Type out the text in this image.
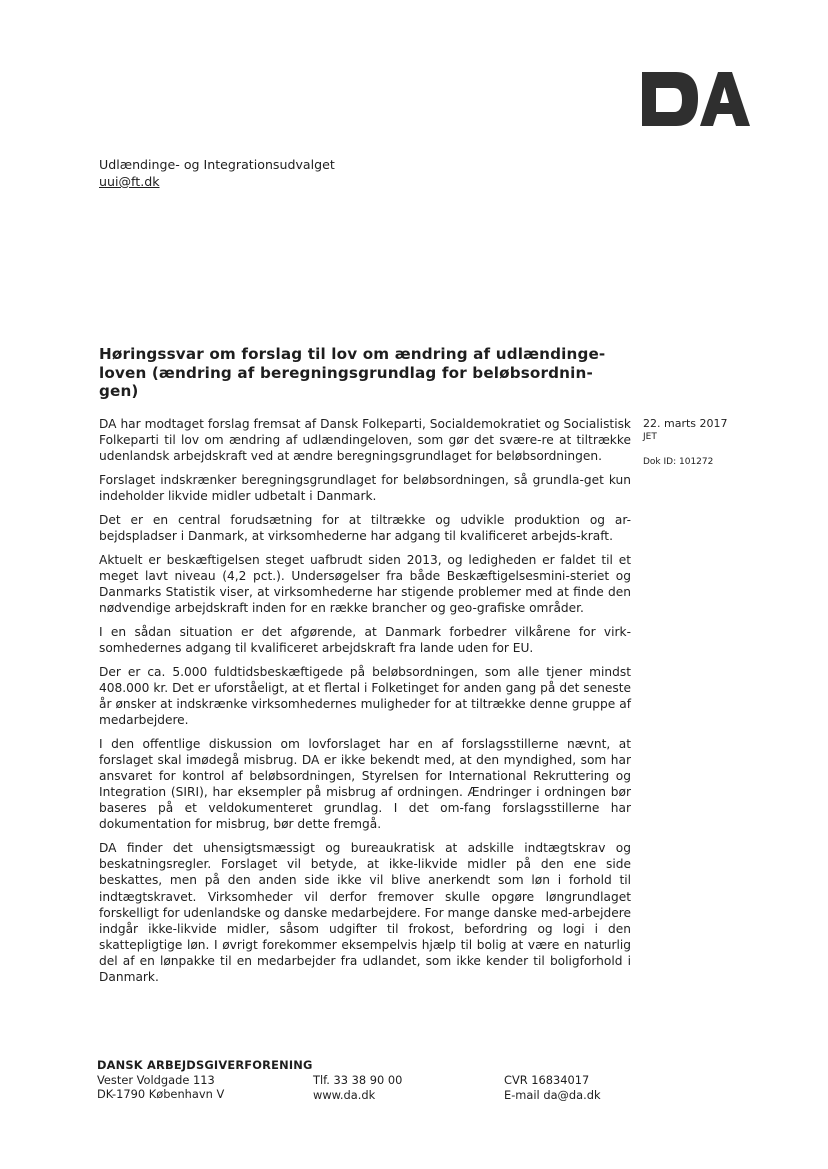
Udlændinge- og Integrationsudvalget
uui@ft.dk
Høringssvar om forslag til lov om ændring af udlændinge-
loven (ændring af beregningsgrundlag for beløbsordnin-
gen)
22. marts 2017
JET
Dok ID: 101272

DA har modtaget forslag fremsat af Dansk Folkeparti, Socialdemokratiet og Socialistisk Folkeparti til lov om ændring af udlændingeloven, som gør det svære-re at tiltrække udenlandsk arbejdskraft ved at ændre beregningsgrundlaget for beløbsordningen.

Forslaget indskrænker beregningsgrundlaget for beløbsordningen, så grundla-get kun indeholder likvide midler udbetalt i Danmark.

Det er en central forudsætning for at tiltrække og udvikle produktion og ar-bejdspladser i Danmark, at virksomhederne har adgang til kvalificeret arbejds-kraft.

Aktuelt er beskæftigelsen steget uafbrudt siden 2013, og ledigheden er faldet til et meget lavt niveau (4,2 pct.). Undersøgelser fra både Beskæftigelsesmini-steriet og Danmarks Statistik viser, at virksomhederne har stigende problemer med at finde den nødvendige arbejdskraft inden for en række brancher og geo-grafiske områder.

I en sådan situation er det afgørende, at Danmark forbedrer vilkårene for virk-somhedernes adgang til kvalificeret arbejdskraft fra lande uden for EU.

Der er ca. 5.000 fuldtidsbeskæftigede på beløbsordningen, som alle tjener mindst 408.000 kr. Det er uforståeligt, at et flertal i Folketinget for anden gang på det seneste år ønsker at indskrænke virksomhedernes muligheder for at tiltrække denne gruppe af medarbejdere.

I den offentlige diskussion om lovforslaget har en af forslagsstillerne nævnt, at forslaget skal imødegå misbrug. DA er ikke bekendt med, at den myndighed, som har ansvaret for kontrol af beløbsordningen, Styrelsen for International Rekruttering og Integration (SIRI), har eksempler på misbrug af ordningen. Ændringer i ordningen bør baseres på et veldokumenteret grundlag. I det om-fang forslagsstillerne har dokumentation for misbrug, bør dette fremgå.

DA finder det uhensigtsmæssigt og bureaukratisk at adskille indtægtskrav og beskatningsregler. Forslaget vil betyde, at ikke-likvide midler på den ene side beskattes, men på den anden side ikke vil blive anerkendt som løn i forhold til indtægtskravet. Virksomheder vil derfor fremover skulle opgøre løngrundlaget forskelligt for udenlandske og danske medarbejdere. For mange danske med-arbejdere indgår ikke-likvide midler, såsom udgifter til frokost, befordring og logi i den skattepligtige løn. I øvrigt forekommer eksempelvis hjælp til bolig at være en naturlig del af en lønpakke til en medarbejder fra udlandet, som ikke kender til boligforhold i Danmark.

DANSK ARBEJDSGIVERFORENING
Vester Voldgade 113
DK-1790 København V
Tlf. 33 38 90 00
www.da.dk
CVR 16834017
E-mail da@da.dk
